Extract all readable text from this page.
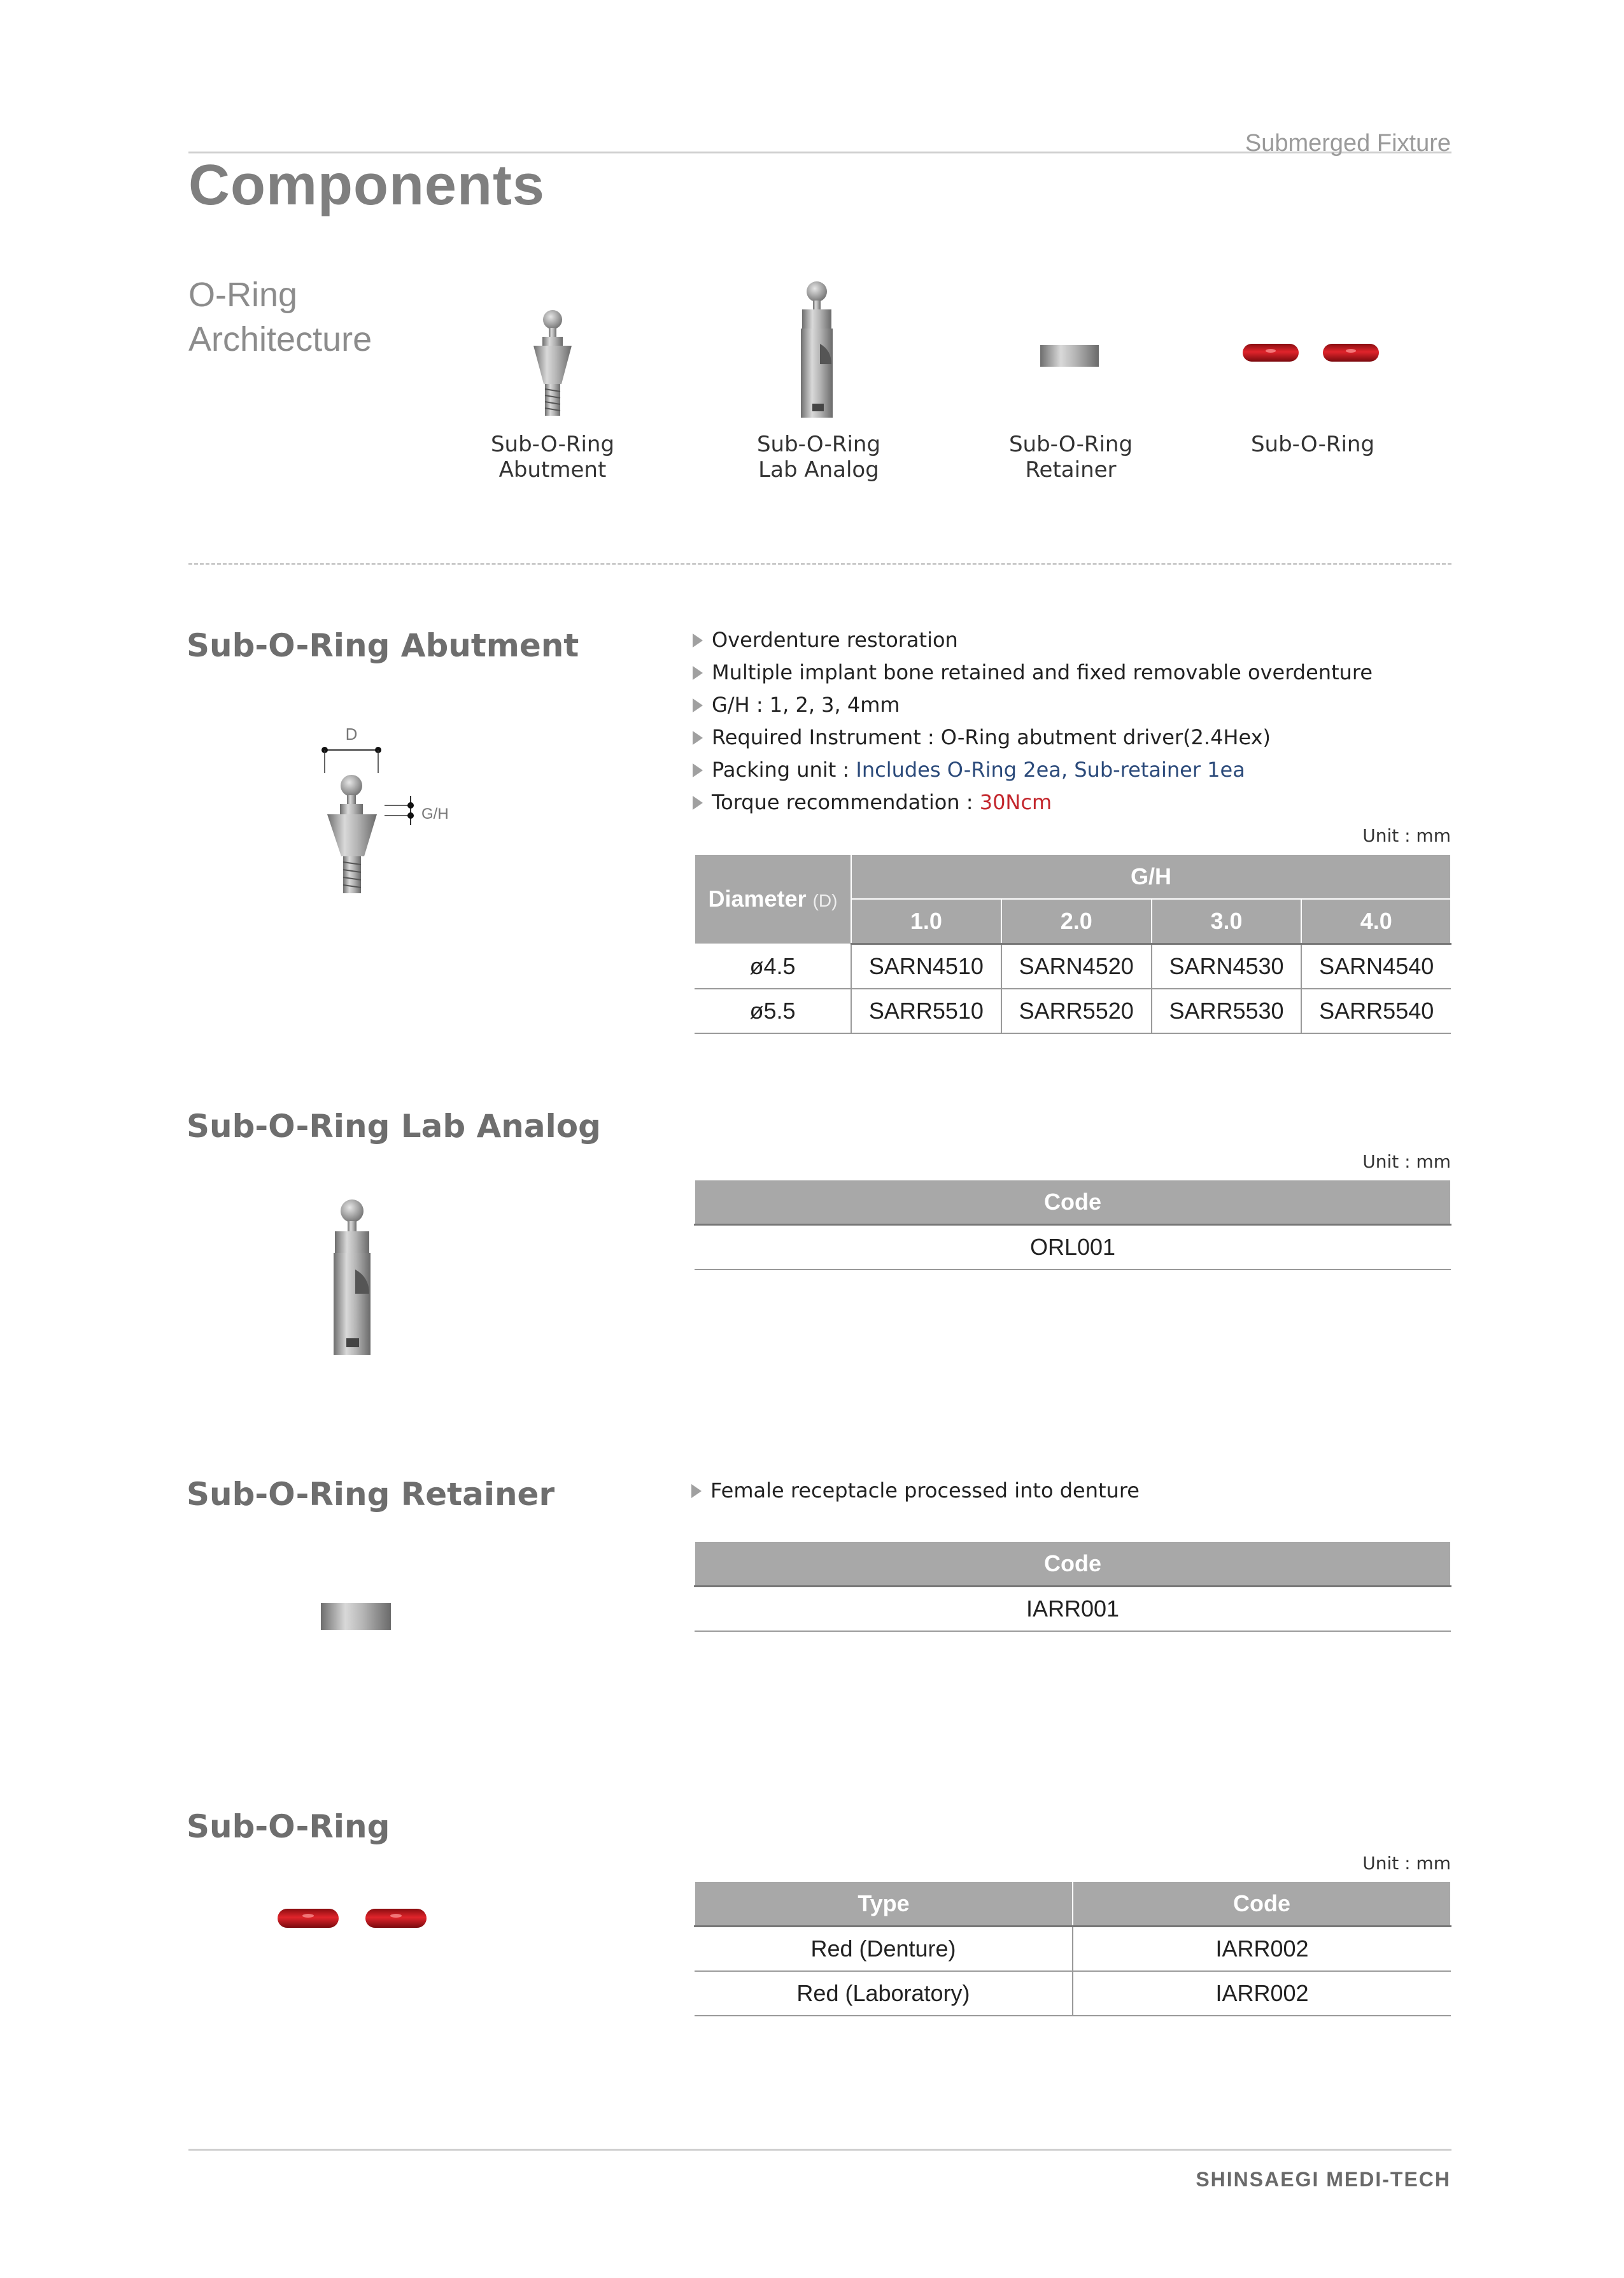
Submerged Fixture
Components
O-Ring
Architecture
Sub-O-Ring
Abutment
Sub-O-Ring
Lab Analog
Sub-O-Ring
Retainer
Sub-O-Ring
Sub-O-Ring Abutment
D
G/H
Overdenture restoration
Multiple implant bone retained and fixed removable overdenture
G/H : 1, 2, 3, 4mm
Required Instrument : O-Ring abutment driver(2.4Hex)
Packing unit : Includes O-Ring 2ea, Sub-retainer 1ea
Torque recommendation : 30Ncm
Unit : mm
Diameter (D)	G/H			
	1.0	2.0	3.0	4.0
ø4.5	SARN4510	SARN4520	SARN4530	SARN4540
ø5.5	SARR5510	SARR5520	SARR5530	SARR5540
Sub-O-Ring Lab Analog
Unit : mm
Code
ORL001
Sub-O-Ring Retainer	Female receptacle processed into denture
Code
IARR001
Sub-O-Ring
Unit : mm
Type	Code
Red (Denture)	IARR002
Red (Laboratory)	IARR002
SHINSAEGI MEDI-TECH
